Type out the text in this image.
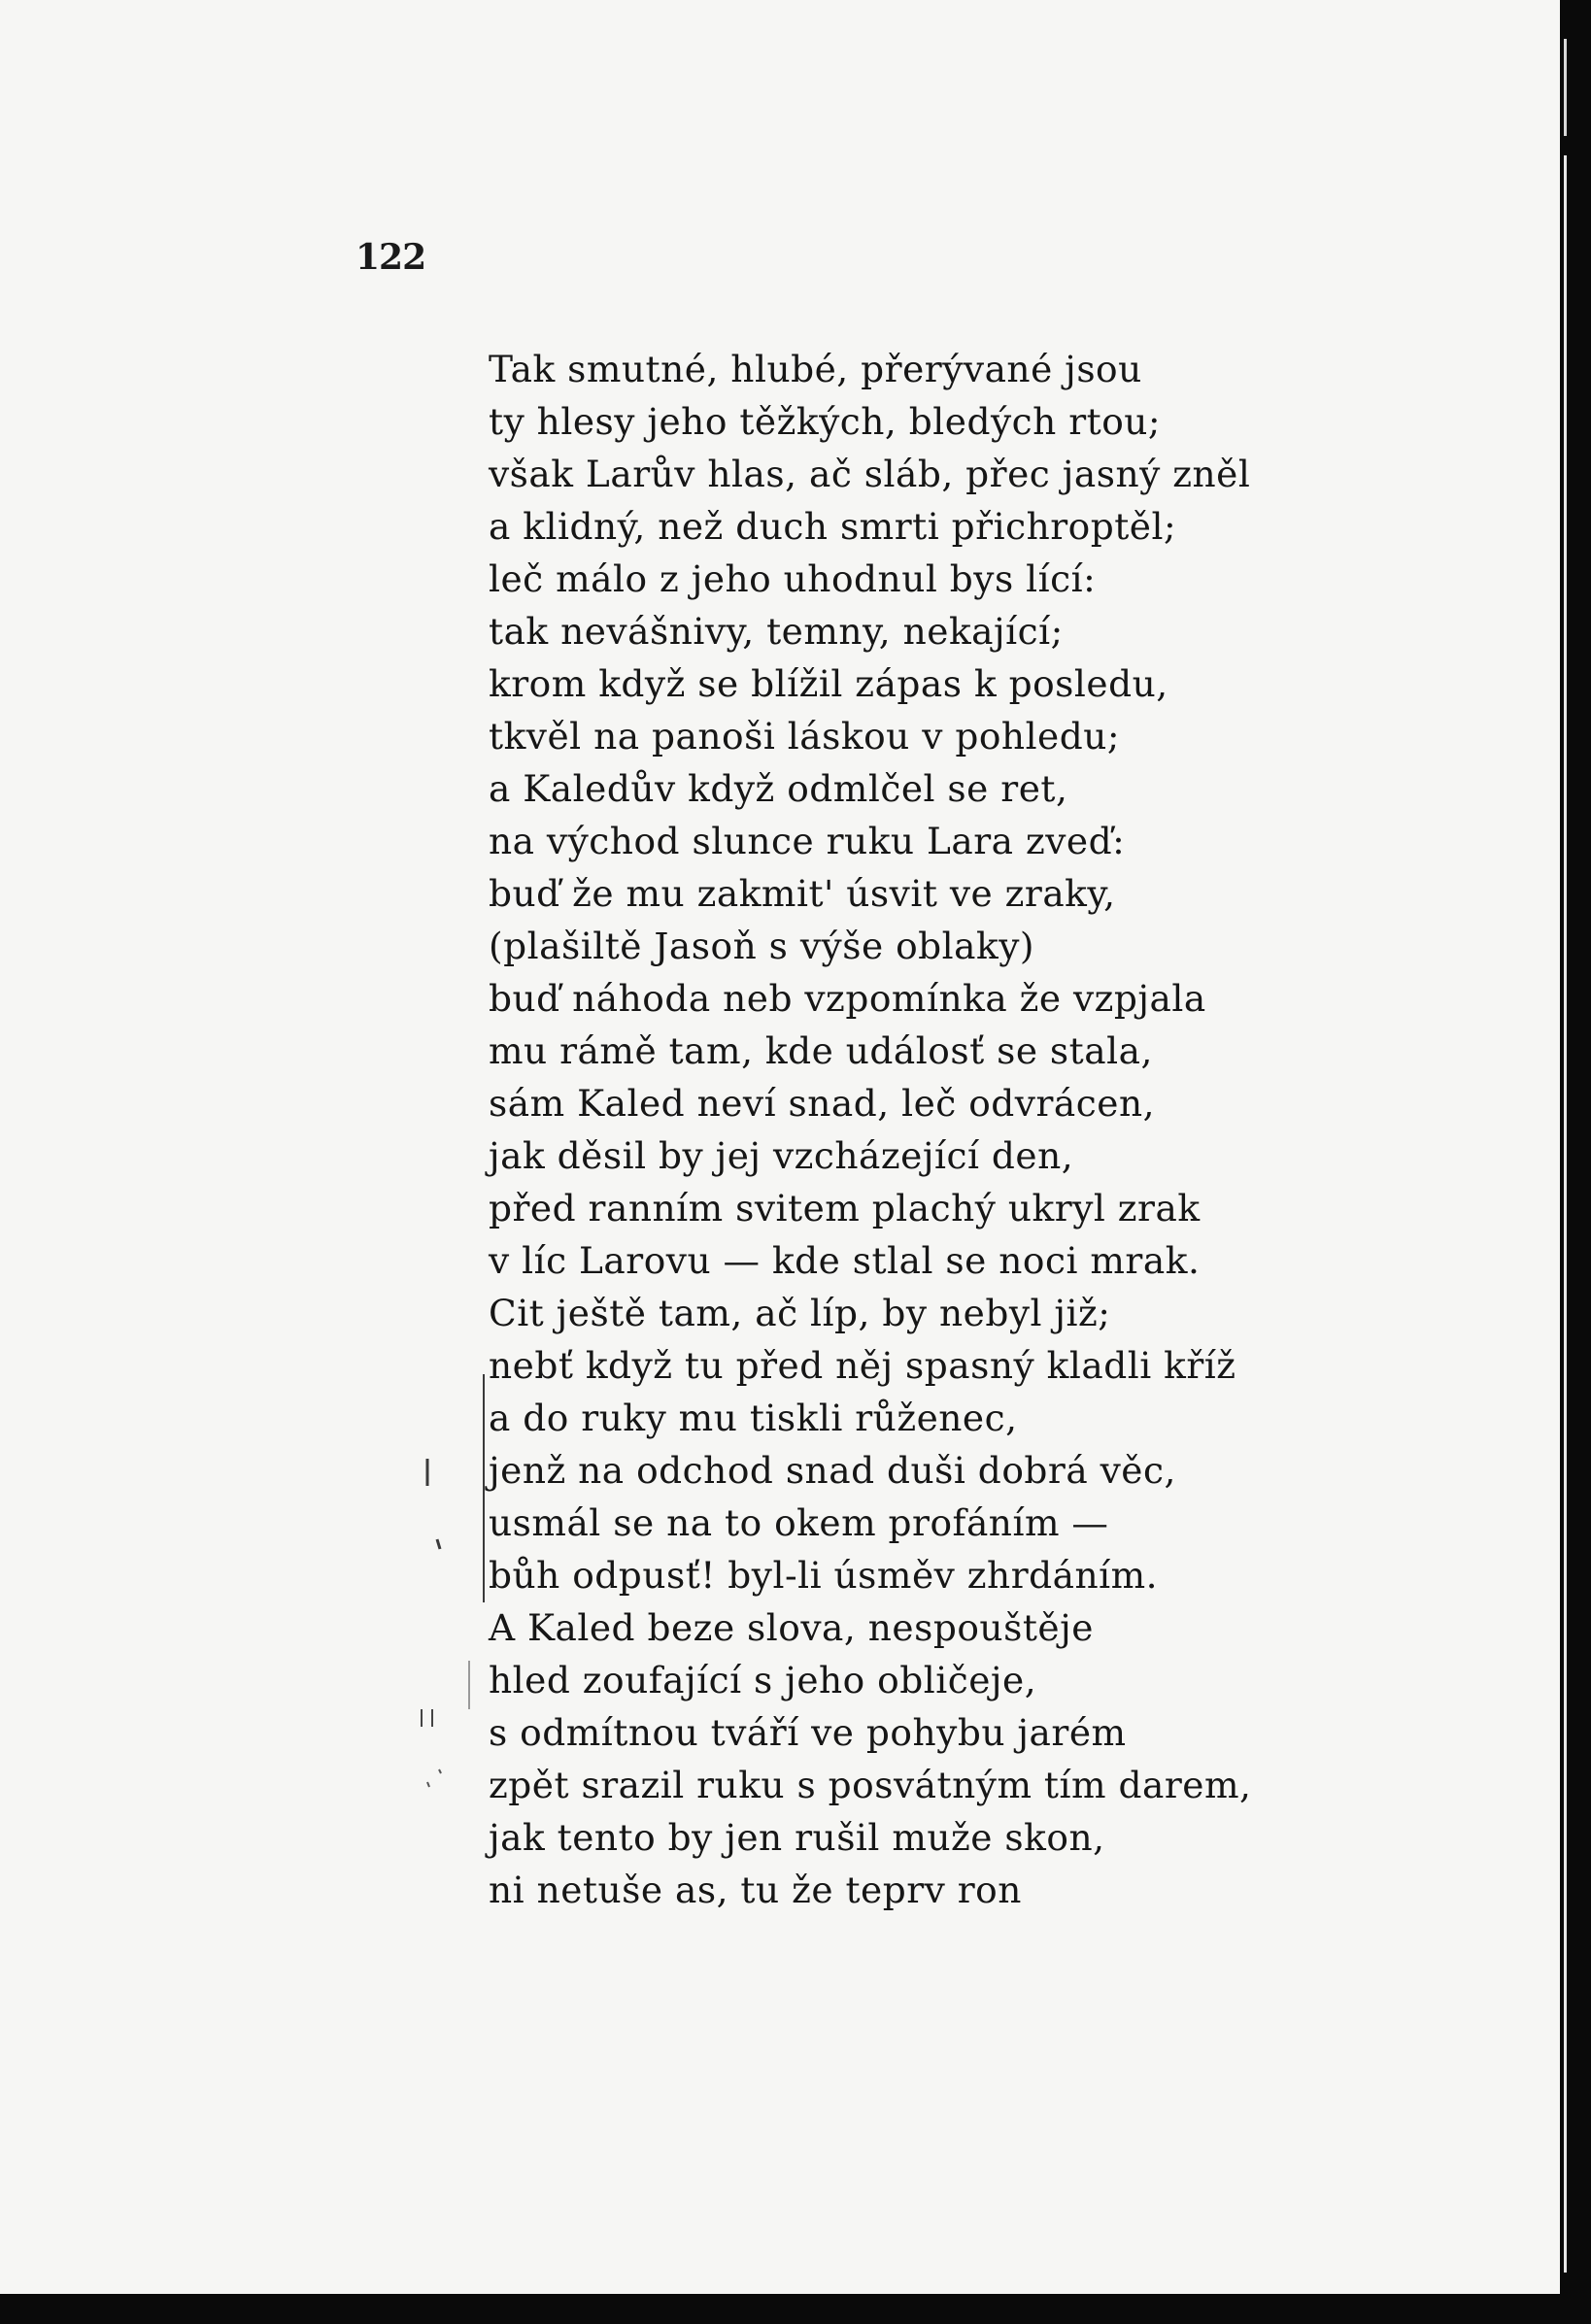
122
Tak smutné, hlubé, přerývané jsou
ty hlesy jeho těžkých, bledých rtou;
však Larův hlas, ač sláb, přec jasný zněl
a klidný, než duch smrti přichroptěl;
leč málo z jeho uhodnul bys lící:
tak nevášnivy, temny, nekající;
krom když se blížil zápas k posledu,
tkvěl na panoši láskou v pohledu;
a Kaledův když odmlčel se ret,
na východ slunce ruku Lara zveď:
buď že mu zakmit' úsvit ve zraky,
(plašiltě Jasoň s výše oblaky)
buď náhoda neb vzpomínka že vzpjala
mu rámě tam, kde událosť se stala,
sám Kaled neví snad, leč odvrácen,
jak děsil by jej vzcházející den,
před ranním svitem plachý ukryl zrak
v líc Larovu — kde stlal se noci mrak.
Cit ještě tam, ač líp, by nebyl již;
nebť když tu před něj spasný kladli kříž
a do ruky mu tiskli růženec,
jenž na odchod snad duši dobrá věc,
usmál se na to okem profáním —
bůh odpusť! byl-li úsměv zhrdáním.
A Kaled beze slova, nespouštěje
hled zoufající s jeho obličeje,
s odmítnou tváří ve pohybu jarém
zpět srazil ruku s posvátným tím darem,
jak tento by jen rušil muže skon,
ni netuše as, tu že teprv ron
